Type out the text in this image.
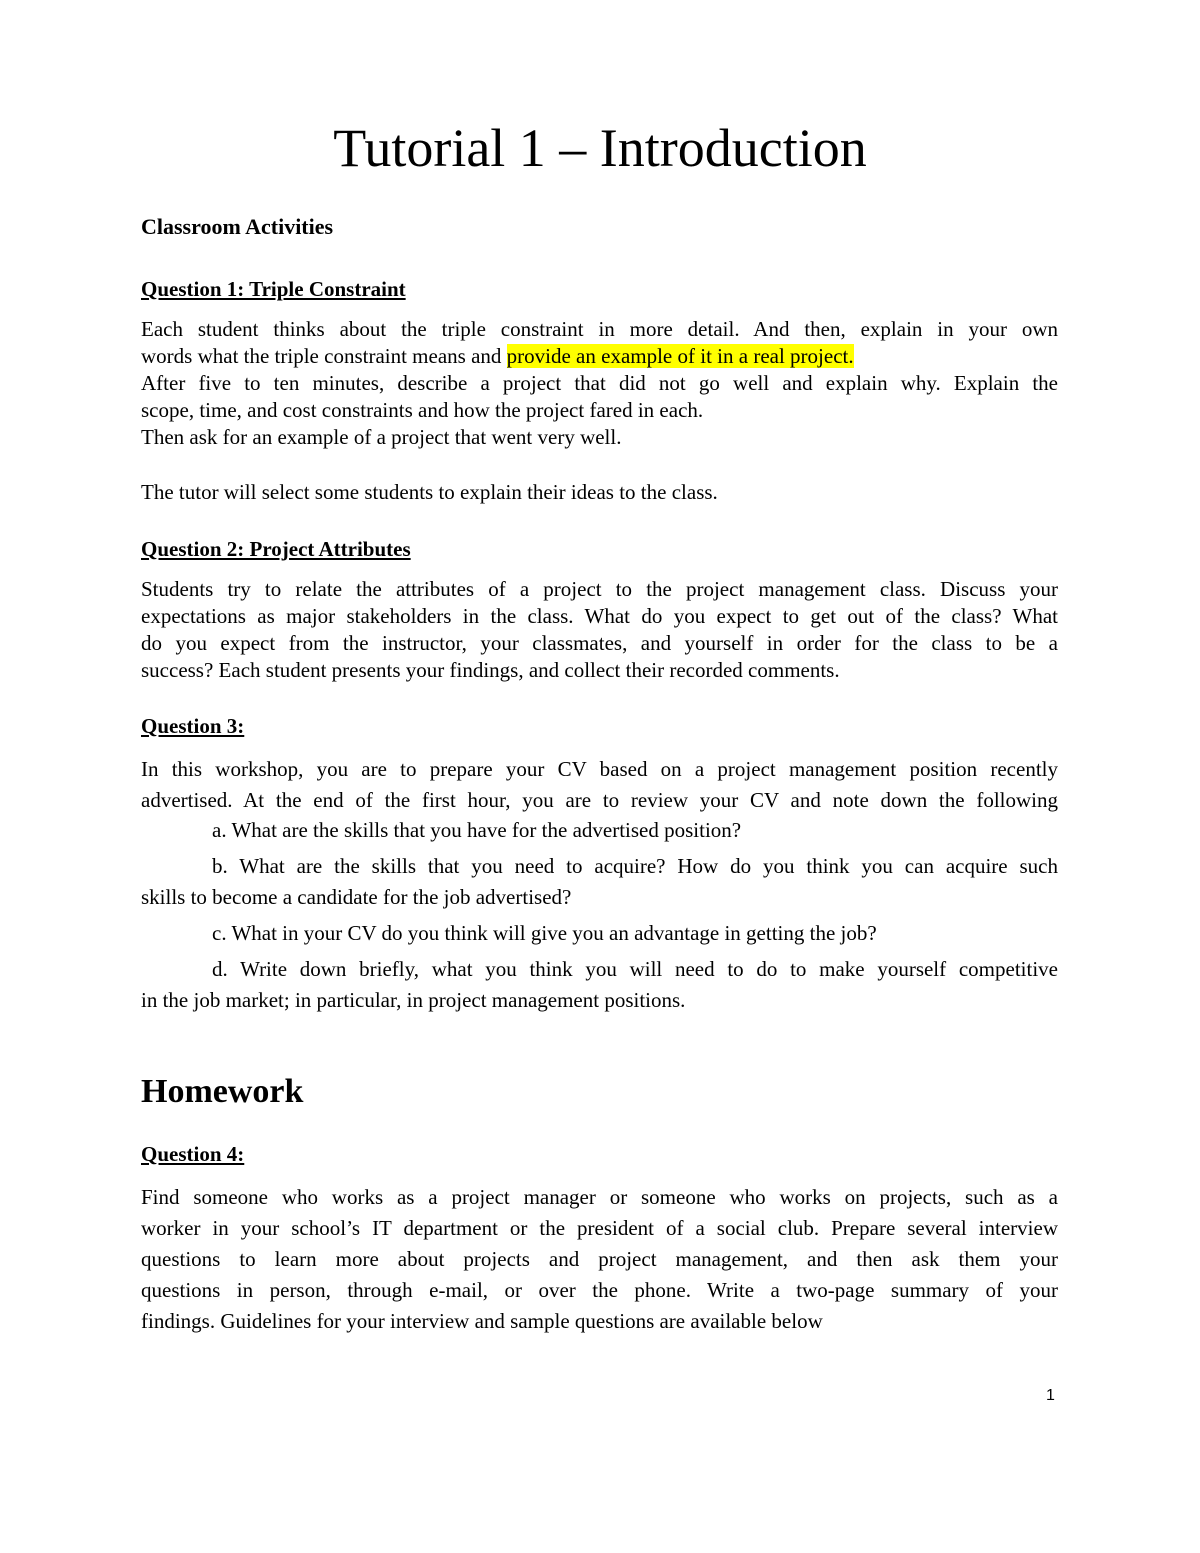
Tutorial 1 – Introduction
Classroom Activities
Question 1: Triple Constraint
Each student thinks about the triple constraint in more detail. And then, explain in your own
words what the triple constraint means and provide an example of it in a real project.
After five to ten minutes, describe a project that did not go well and explain why. Explain the
scope, time, and cost constraints and how the project fared in each.
Then ask for an example of a project that went very well.
The tutor will select some students to explain their ideas to the class.
Question 2: Project Attributes
Students try to relate the attributes of a project to the project management class. Discuss your
expectations as major stakeholders in the class. What do you expect to get out of the class? What
do you expect from the instructor, your classmates, and yourself in order for the class to be a
success? Each student presents your findings, and collect their recorded comments.
Question 3:
In this workshop, you are to prepare your CV based on a project management position recently
advertised. At the end of the first hour, you are to review your CV and note down the following
a. What are the skills that you have for the advertised position?
b. What are the skills that you need to acquire? How do you think you can acquire such
skills to become a candidate for the job advertised?
c. What in your CV do you think will give you an advantage in getting the job?
d. Write down briefly, what you think you will need to do to make yourself competitive
in the job market; in particular, in project management positions.
Homework
Question 4:
Find someone who works as a project manager or someone who works on projects, such as a
worker in your school’s IT department or the president of a social club. Prepare several interview
questions to learn more about projects and project management, and then ask them your
questions in person, through e-mail, or over the phone. Write a two-page summary of your
findings. Guidelines for your interview and sample questions are available below
1
